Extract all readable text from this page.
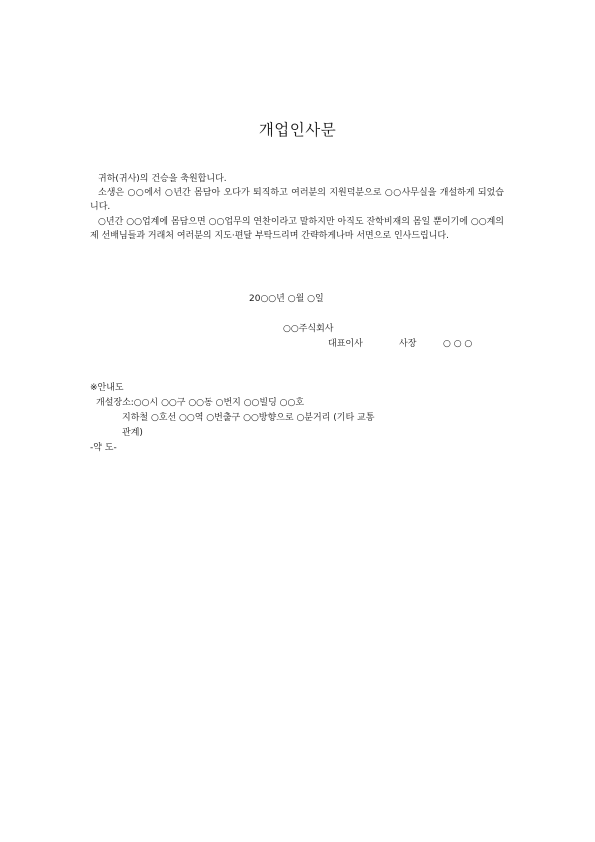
개업인사문

귀하(귀사)의 건승을 축원합니다.

소생은 ○○에서 ○년간 몸담아 오다가 퇴직하고 여러분의 지원덕분으로 ○○사무실을 개설하게 되었습니다.

○년간 ○○업계에 몸담으면 ○○업무의 연찬이라고 말하지만 아직도 잔학비재의 몸일 뿐이기에 ○○계의 제 선배님들과 거래처 여러분의 지도·편달 부탁드리며 간략하게나마 서면으로 인사드립니다.

20○○년 ○월 ○일
○○주식회사
대표이사	사장	○ ○ ○
※안내도
개설장소:○○시 ○○구 ○○동 ○번지 ○○빌딩 ○○호
지하철 ○호선 ○○역 ○번출구 ○○방향으로 ○분거리 (기타 교통
관계)
-약 도-
